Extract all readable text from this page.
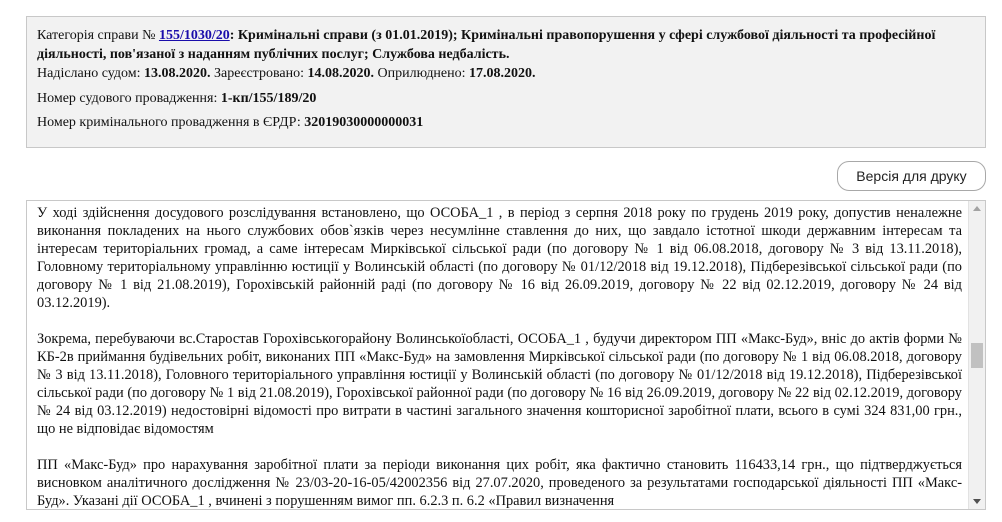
Категорія справи № 155/1030/20: Кримінальні справи (з 01.01.2019); Кримінальні правопорушення у сфері службової діяльності та професійної діяльності, пов'язаної з наданням публічних послуг; Службова недбалість.

Надіслано судом: 13.08.2020. Зареєстровано: 14.08.2020. Оприлюднено: 17.08.2020.

Номер судового провадження: 1-кп/155/189/20

Номер кримінального провадження в ЄРДР: 32019030000000031

Версія для друку

У ході здійснення досудового розслідування встановлено, що ОСОБА_1 , в період з серпня 2018 року по грудень 2019 року, допустив неналежне виконання покладених на нього службових обов`язків через несумлінне ставлення до них, що завдало істотної шкоди державним інтересам та інтересам територіальних громад, а саме інтересам Мирківської сільської ради (по договору № 1 від 06.08.2018, договору № 3 від 13.11.2018), Головному територіальному управлінню юстиції у Волинській області (по договору № 01/12/2018 від 19.12.2018), Підберезівської сільської ради (по договору № 1 від 21.08.2019), Горохівській районній раді (по договору № 16 від 26.09.2019, договору № 22 від 02.12.2019, договору № 24 від 03.12.2019).

Зокрема, перебуваючи вс.Старостав Горохівськогорайону Волинськоїобласті, ОСОБА_1 , будучи директором ПП «Макс-Буд», вніс до актів форми № КБ-2в приймання будівельних робіт, виконаних ПП «Макс-Буд» на замовлення Мирківської сільської ради (по договору № 1 від 06.08.2018, договору № 3 від 13.11.2018), Головного територіального управління юстиції у Волинській області (по договору № 01/12/2018 від 19.12.2018), Підберезівської сільської ради (по договору № 1 від 21.08.2019), Горохівської районної ради (по договору № 16 від 26.09.2019, договору № 22 від 02.12.2019, договору № 24 від 03.12.2019) недостовірні відомості про витрати в частині загального значення кошторисної заробітної плати, всього в сумі 324 831,00 грн., що не відповідає відомостям

ПП «Макс-Буд» про нарахування заробітної плати за періоди виконання цих робіт, яка фактично становить 116433,14 грн., що підтверджується висновком аналітичного дослідження № 23/03-20-16-05/42002356 від 27.07.2020, проведеного за результатами господарської діяльності ПП «Макс-Буд». Указані дії ОСОБА_1 , вчинені з порушенням вимог пп. 6.2.3 п. 6.2 «Правил визначення
